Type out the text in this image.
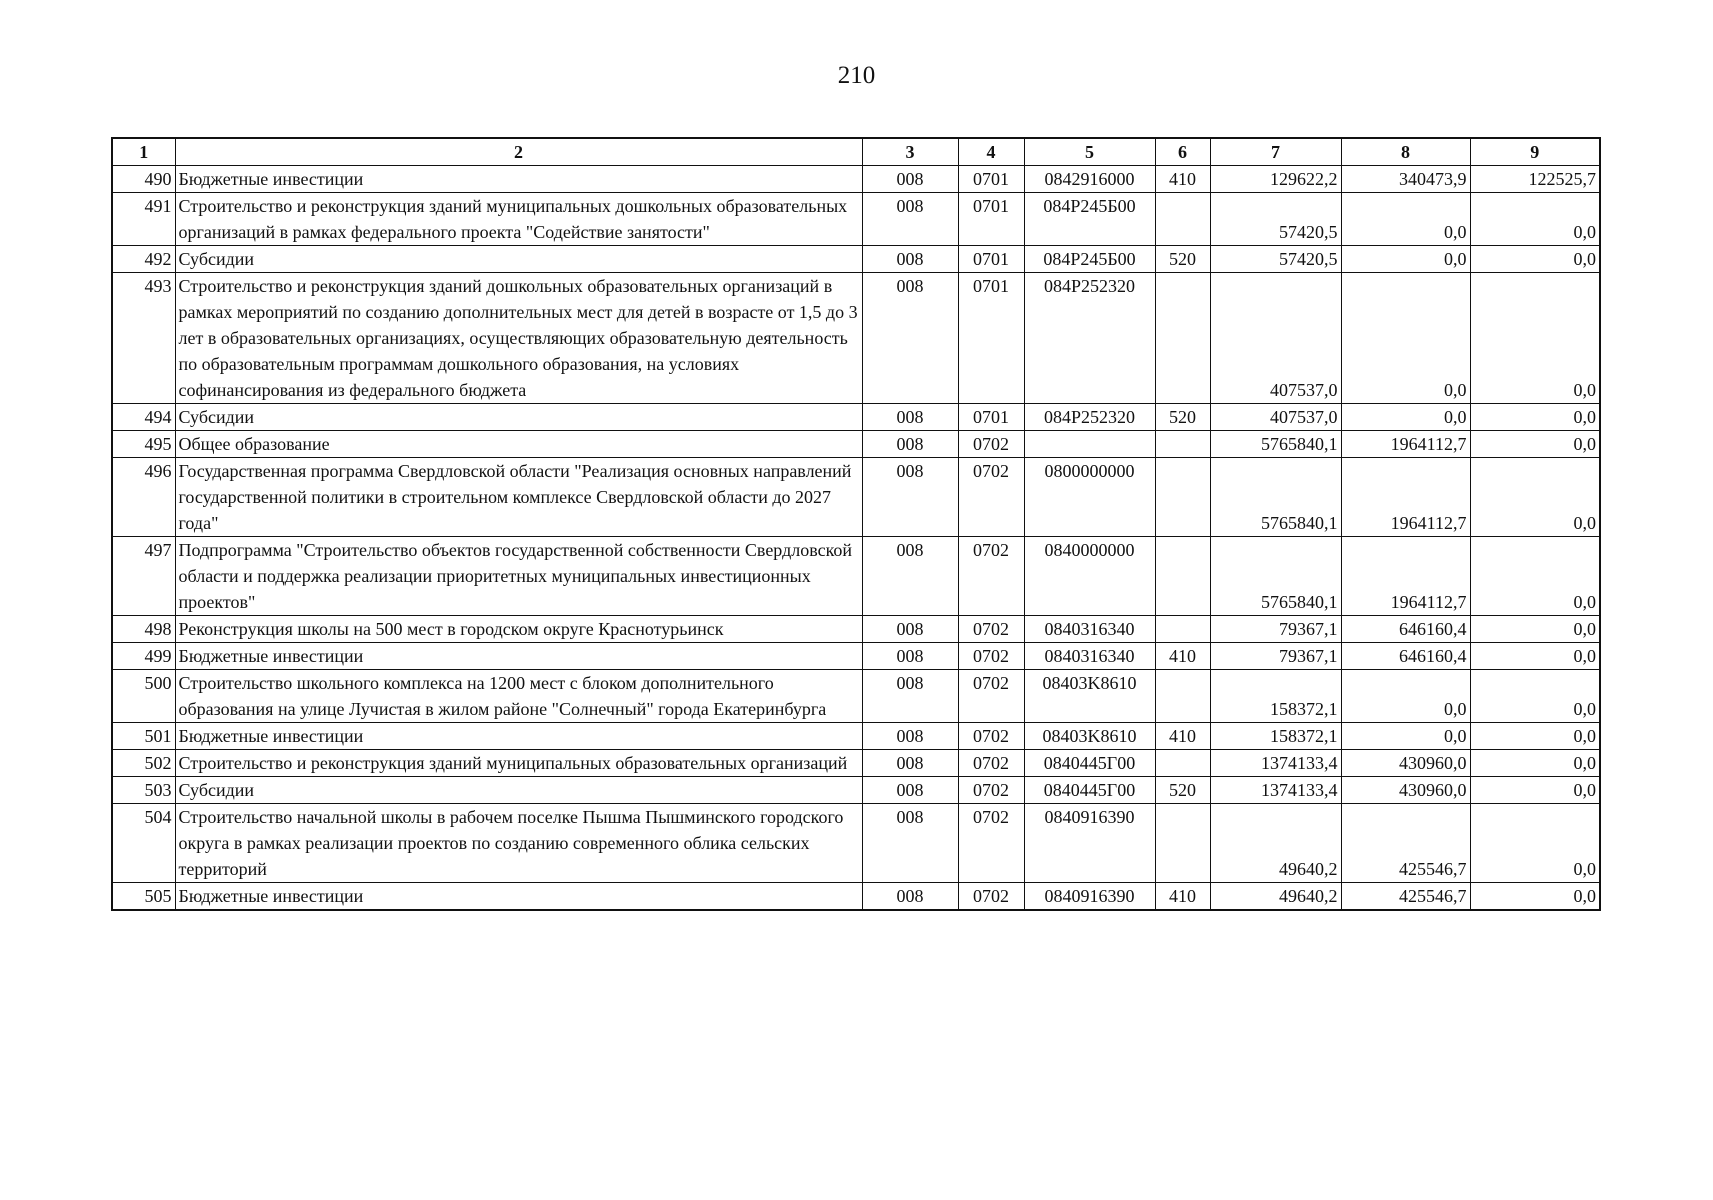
210
1	2	3	4	5	6	7	8	9
490	Бюджетные инвестиции	008	0701	0842916000	410	129622,2	340473,9	122525,7
491	Строительство и реконструкция зданий муниципальных дошкольных образовательных организаций в рамках федерального проекта "Содействие занятости"	008	0701	084P245Б00		57420,5	0,0	0,0
492	Субсидии	008	0701	084P245Б00	520	57420,5	0,0	0,0
493	Строительство и реконструкция зданий дошкольных образовательных организаций в рамках мероприятий по созданию дополнительных мест для детей в возрасте от 1,5 до 3 лет в образовательных организациях, осуществляющих образовательную деятельность по образовательным программам дошкольного образования, на условиях софинансирования из федерального бюджета	008	0701	084P252320		407537,0	0,0	0,0
494	Субсидии	008	0701	084P252320	520	407537,0	0,0	0,0
495	Общее образование	008	0702			5765840,1	1964112,7	0,0
496	Государственная программа Свердловской области "Реализация основных направлений государственной политики в строительном комплексе Свердловской области до 2027 года"	008	0702	0800000000		5765840,1	1964112,7	0,0
497	Подпрограмма "Строительство объектов государственной собственности Свердловской области и поддержка реализации приоритетных муниципальных инвестиционных проектов"	008	0702	0840000000		5765840,1	1964112,7	0,0
498	Реконструкция школы на 500 мест в городском округе Краснотурьинск	008	0702	0840316340		79367,1	646160,4	0,0
499	Бюджетные инвестиции	008	0702	0840316340	410	79367,1	646160,4	0,0
500	Строительство школьного комплекса на 1200 мест с блоком дополнительного образования на улице Лучистая в жилом районе "Солнечный" города Екатеринбурга	008	0702	08403K8610		158372,1	0,0	0,0
501	Бюджетные инвестиции	008	0702	08403K8610	410	158372,1	0,0	0,0
502	Строительство и реконструкция зданий муниципальных образовательных организаций	008	0702	0840445Г00		1374133,4	430960,0	0,0
503	Субсидии	008	0702	0840445Г00	520	1374133,4	430960,0	0,0
504	Строительство начальной школы в рабочем поселке Пышма Пышминского городского округа в рамках реализации проектов по созданию современного облика сельских территорий	008	0702	0840916390		49640,2	425546,7	0,0
505	Бюджетные инвестиции	008	0702	0840916390	410	49640,2	425546,7	0,0
